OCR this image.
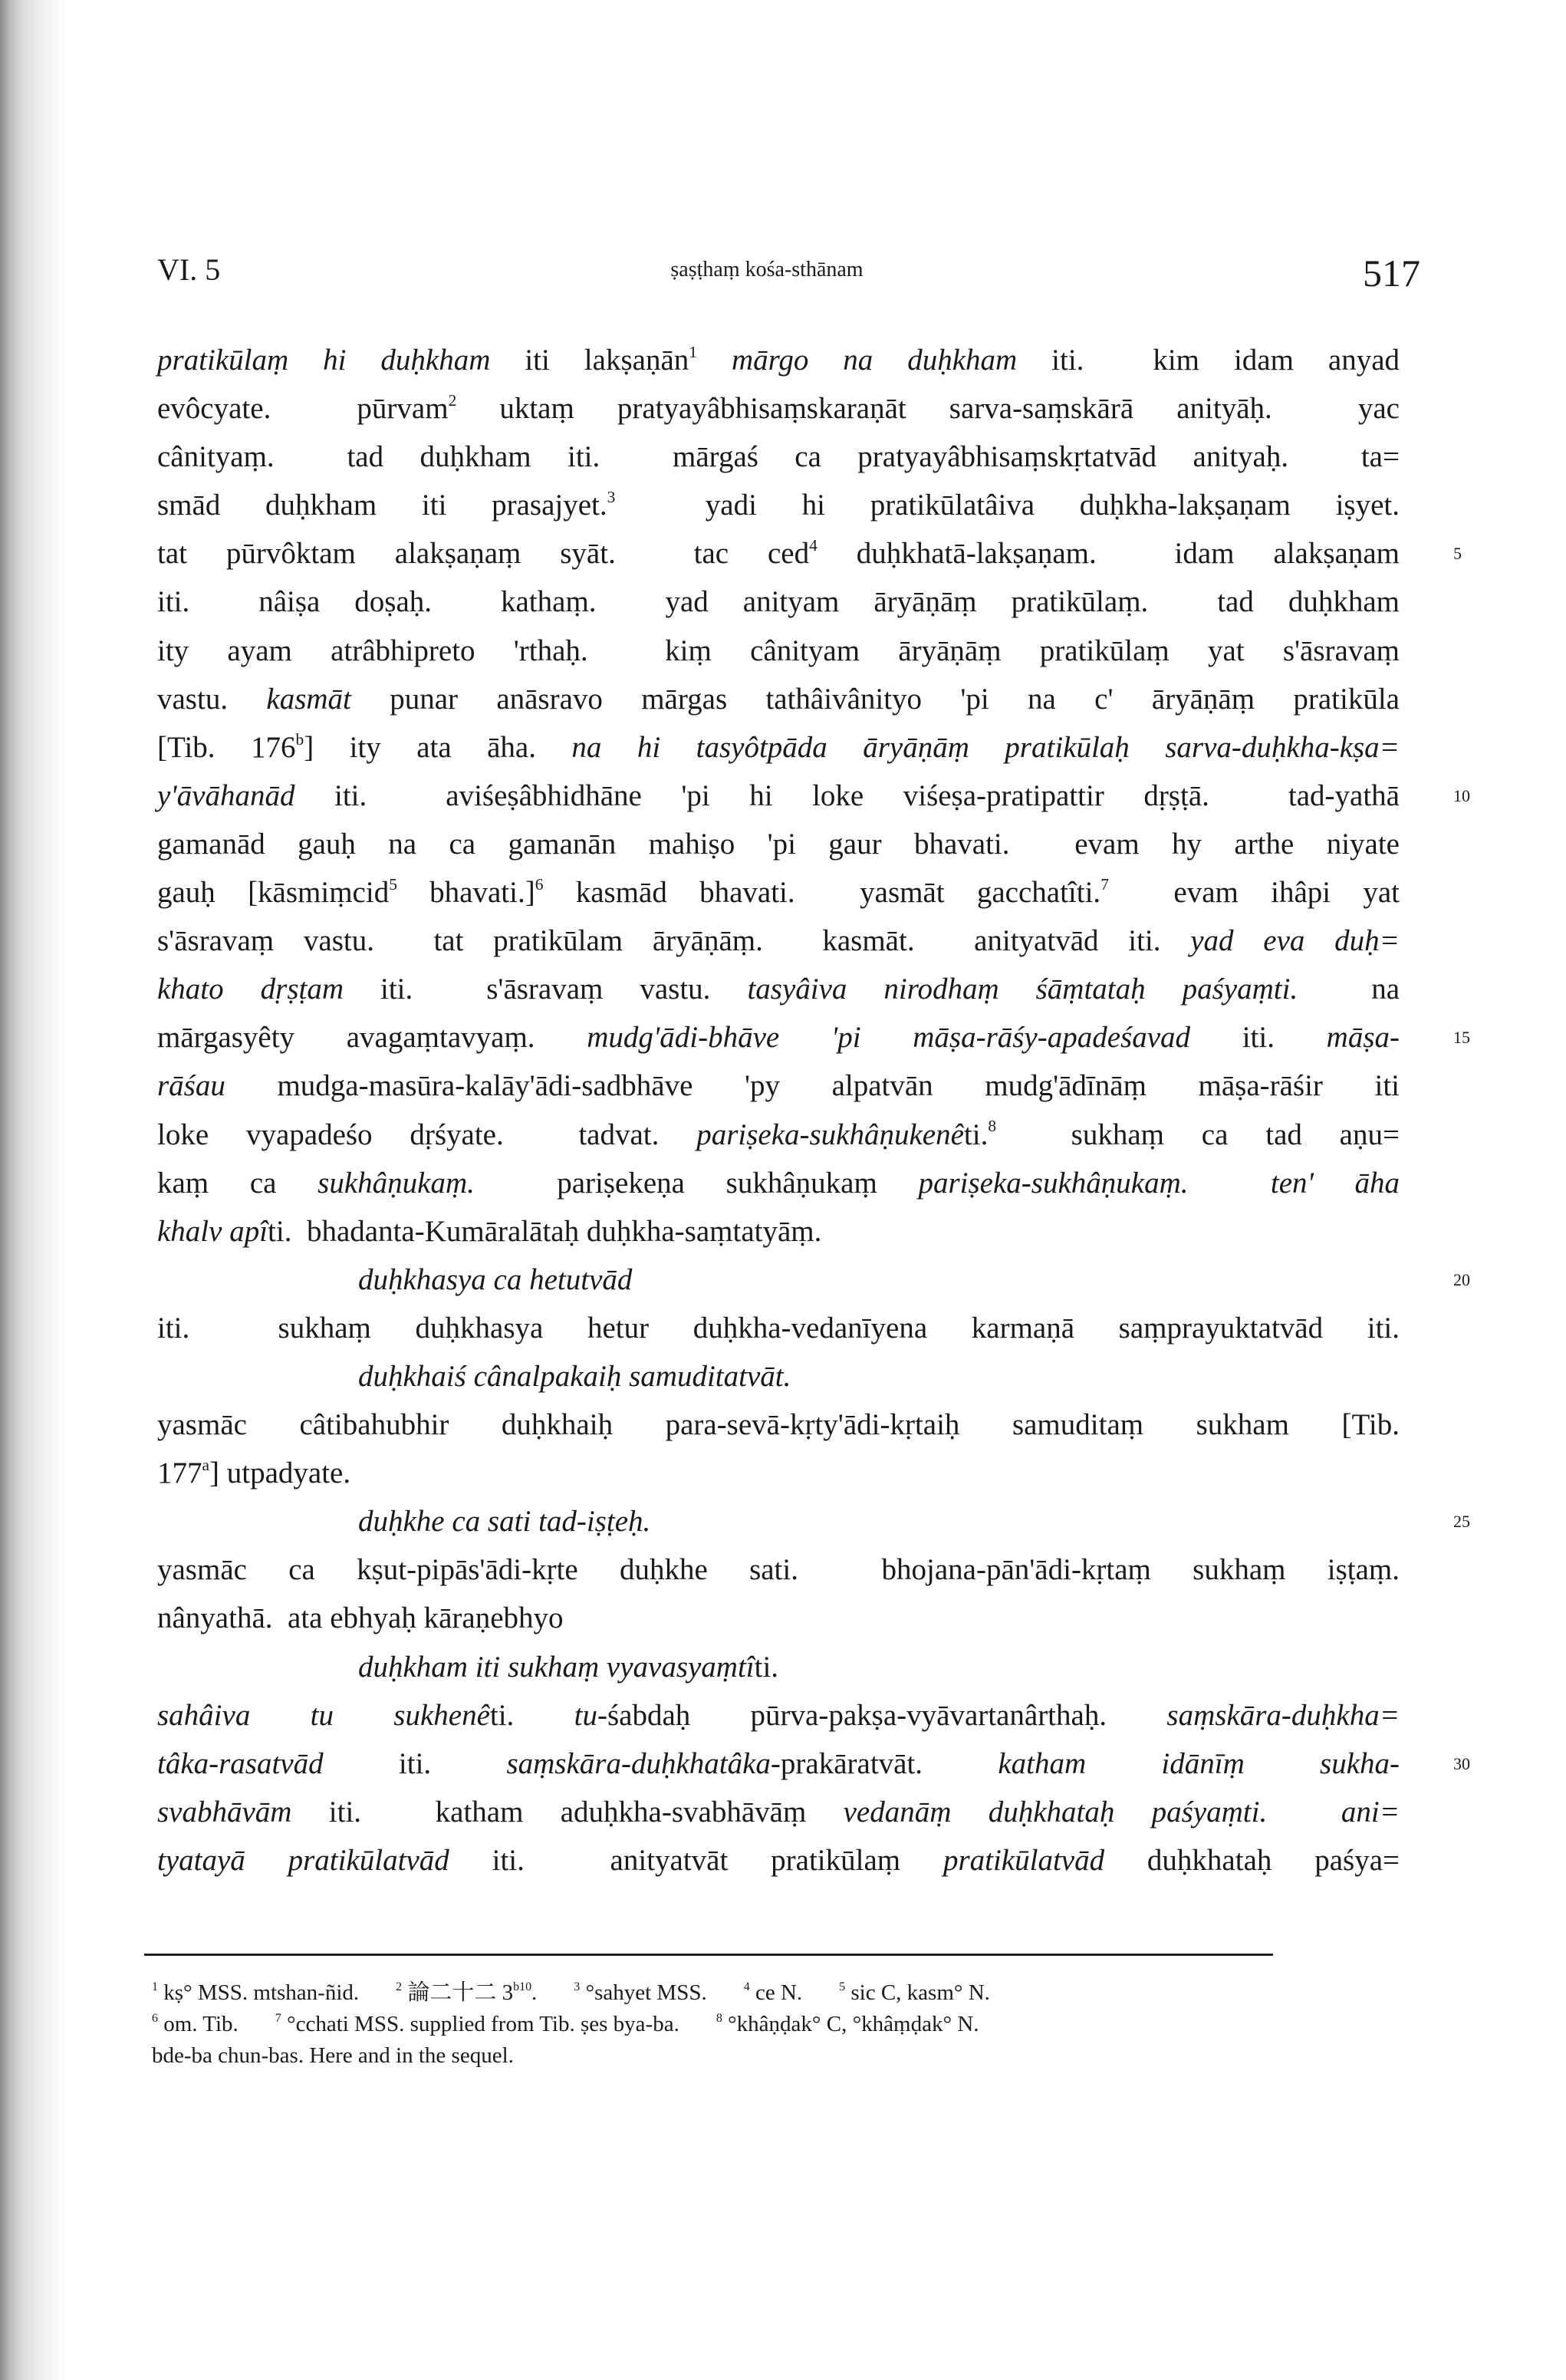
VI. 5	ṣaṣṭhaṃ kośa-sthānam	517
pratikūlaṃ hi duḥkham iti lakṣaṇān$^1$ mārgo na duḥkham iti.  kim idam anyad
evôcyate.  pūrvam$^2$ uktaṃ pratyayâbhisaṃskaraṇāt sarva-saṃskārā anityāḥ.  yac
cânityaṃ.  tad duḥkham iti.  mārgaś ca pratyayâbhisaṃskṛtatvād anityaḥ.  ta=
smād duḥkham iti prasajyet.$^3$  yadi hi pratikūlatâiva duḥkha-lakṣaṇam iṣyet.
tat pūrvôktam alakṣaṇaṃ syāt.  tac ced$^4$ duḥkhatā-lakṣaṇam.  idam alakṣaṇam	5
iti.  nâiṣa doṣaḥ.  kathaṃ.  yad anityam āryāṇāṃ pratikūlaṃ.  tad duḥkham
ity ayam atrâbhipreto 'rthaḥ.  kiṃ cânityam āryāṇāṃ pratikūlaṃ yat s'āsravaṃ
vastu. kasmāt punar anāsravo mārgas tathâivânityo 'pi na c' āryāṇāṃ pratikūla
[Tib. 176$^b$] ity ata āha. na hi tasyôtpāda āryāṇāṃ pratikūlaḥ sarva-duḥkha-kṣa=
y'āvāhanād iti.  aviśeṣâbhidhāne 'pi hi loke viśeṣa-pratipattir dṛṣṭā.  tad-yathā	10
gamanād gauḥ na ca gamanān mahiṣo 'pi gaur bhavati.  evam hy arthe niyate
gauḥ [kāsmiṃcid$^5$ bhavati.]$^6$ kasmād bhavati.  yasmāt gacchatîti.$^7$  evam ihâpi yat
s'āsravaṃ vastu.  tat pratikūlam āryāṇāṃ.  kasmāt.  anityatvād iti. yad eva duḥ=
khato dṛṣṭam iti.  s'āsravaṃ vastu. tasyâiva nirodhaṃ śāṃtataḥ paśyaṃti.  na
mārgasyêty avagaṃtavyaṃ. mudg'ādi-bhāve 'pi māṣa-rāśy-apadeśavad iti. māṣa-	15
rāśau mudga-masūra-kalāy'ādi-sadbhāve 'py alpatvān mudg'ādīnāṃ māṣa-rāśir iti
loke vyapadeśo dṛśyate.  tadvat. pariṣeka-sukhâṇukenêti.$^8$  sukhaṃ ca tad aṇu=
kaṃ ca sukhâṇukaṃ.  pariṣekeṇa sukhâṇukaṃ pariṣeka-sukhâṇukaṃ.	ten' āha
khalv apîti.  bhadanta-Kumāralātaḥ duḥkha-saṃtatyāṃ.
duḥkhasya ca hetutvād	20
iti.  sukhaṃ duḥkhasya hetur duḥkha-vedanīyena karmaṇā saṃprayuktatvād iti.
duḥkhaiś cânalpakaiḥ samuditatvāt.
yasmāc câtibahubhir duḥkhaiḥ para-sevā-kṛty'ādi-kṛtaiḥ samuditaṃ sukham [Tib.
177$^a$] utpadyate.
duḥkhe ca sati tad-iṣṭeḥ.	25
yasmāc ca kṣut-pipās'ādi-kṛte duḥkhe sati.  bhojana-pān'ādi-kṛtaṃ sukhaṃ iṣṭaṃ.
nânyathā.  ata ebhyaḥ kāraṇebhyo
duḥkham iti sukhaṃ vyavasyaṃtîti.
sahâiva tu sukhenêti. tu-śabdaḥ pūrva-pakṣa-vyāvartanârthaḥ. saṃskāra-duḥkha=
tâka-rasatvād iti. saṃskāra-duḥkhatâka-prakāratvāt. katham idānīṃ sukha-	30
svabhāvām iti.  katham aduḥkha-svabhāvāṃ vedanāṃ duḥkhataḥ paśyaṃti. ani=
tyatayā pratikūlatvād iti.  anityatvāt pratikūlaṃ pratikūlatvād duḥkhataḥ paśya=
$^1$ kṣ° MSS. mtshan-ñid.	$^2$ 論二十二 $3^{b10}$.	$^3$ °sahyet MSS.	$^4$ ce N.	$^5$ sic C, kasm° N.
$^6$ om. Tib.	$^7$ °cchati MSS. supplied from Tib. ṣes bya-ba.	$^8$ °khâṇḍak° C, °khâṃḍak° N.
bde-ba chun-bas. Here and in the sequel.
